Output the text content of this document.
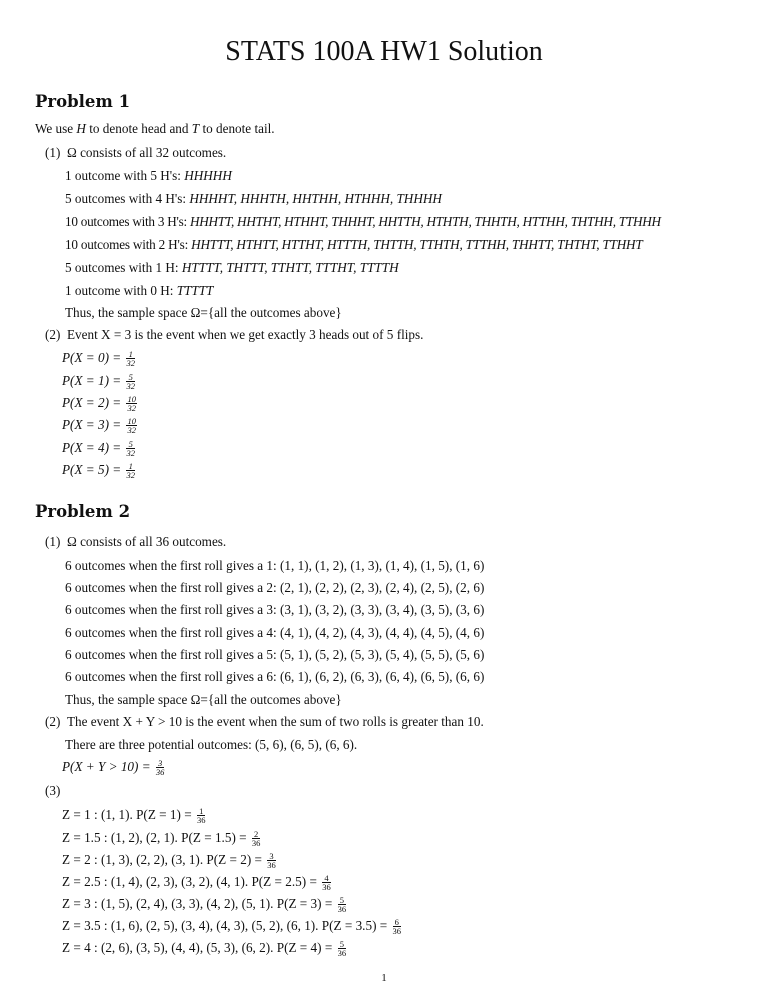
STATS 100A HW1 Solution
Problem 1
We use H to denote head and T to denote tail.
(1) Ω consists of all 32 outcomes.
1 outcome with 5 H's: HHHHH
5 outcomes with 4 H's: HHHHT, HHHTH, HHTHH, HTHHH, THHHH
10 outcomes with 3 H's: HHHTT, HHTHT, HTHHT, THHHT, HHTTH, HTHTH, THHTH, HTTHH, THTHH, TTHHH
10 outcomes with 2 H's: HHTTT, HTHTT, HTTHT, HTTTH, THTTH, TTHTH, TTTHH, THHTT, THTHT, TTHHT
5 outcomes with 1 H: HTTTT, THTTT, TTHTT, TTTHT, TTTTH
1 outcome with 0 H: TTTTT
Thus, the sample space Ω={all the outcomes above}
(2) Event X = 3 is the event when we get exactly 3 heads out of 5 flips.
$P(X = 0) = \frac{1}{32}$
$P(X = 1) = \frac{5}{32}$
$P(X = 2) = \frac{10}{32}$
$P(X = 3) = \frac{10}{32}$
$P(X = 4) = \frac{5}{32}$
$P(X = 5) = \frac{1}{32}$
Problem 2
(1) Ω consists of all 36 outcomes.
6 outcomes when the first roll gives a 1: (1, 1), (1, 2), (1, 3), (1, 4), (1, 5), (1, 6)
6 outcomes when the first roll gives a 2: (2, 1), (2, 2), (2, 3), (2, 4), (2, 5), (2, 6)
6 outcomes when the first roll gives a 3: (3, 1), (3, 2), (3, 3), (3, 4), (3, 5), (3, 6)
6 outcomes when the first roll gives a 4: (4, 1), (4, 2), (4, 3), (4, 4), (4, 5), (4, 6)
6 outcomes when the first roll gives a 5: (5, 1), (5, 2), (5, 3), (5, 4), (5, 5), (5, 6)
6 outcomes when the first roll gives a 6: (6, 1), (6, 2), (6, 3), (6, 4), (6, 5), (6, 6)
Thus, the sample space Ω={all the outcomes above}
(2) The event X + Y > 10 is the event when the sum of two rolls is greater than 10.
There are three potential outcomes: (5, 6), (6, 5), (6, 6).
$P(X + Y > 10) = \frac{3}{36}$
(3)
Z = 1 : (1, 1). $P(Z = 1) = \frac{1}{36}$
Z = 1.5 : (1, 2), (2, 1). $P(Z = 1.5) = \frac{2}{36}$
Z = 2 : (1, 3), (2, 2), (3, 1). $P(Z = 2) = \frac{3}{36}$
Z = 2.5 : (1, 4), (2, 3), (3, 2), (4, 1). $P(Z = 2.5) = \frac{4}{36}$
Z = 3 : (1, 5), (2, 4), (3, 3), (4, 2), (5, 1). $P(Z = 3) = \frac{5}{36}$
Z = 3.5 : (1, 6), (2, 5), (3, 4), (4, 3), (5, 2), (6, 1). $P(Z = 3.5) = \frac{6}{36}$
Z = 4 : (2, 6), (3, 5), (4, 4), (5, 3), (6, 2). $P(Z = 4) = \frac{5}{36}$
1
